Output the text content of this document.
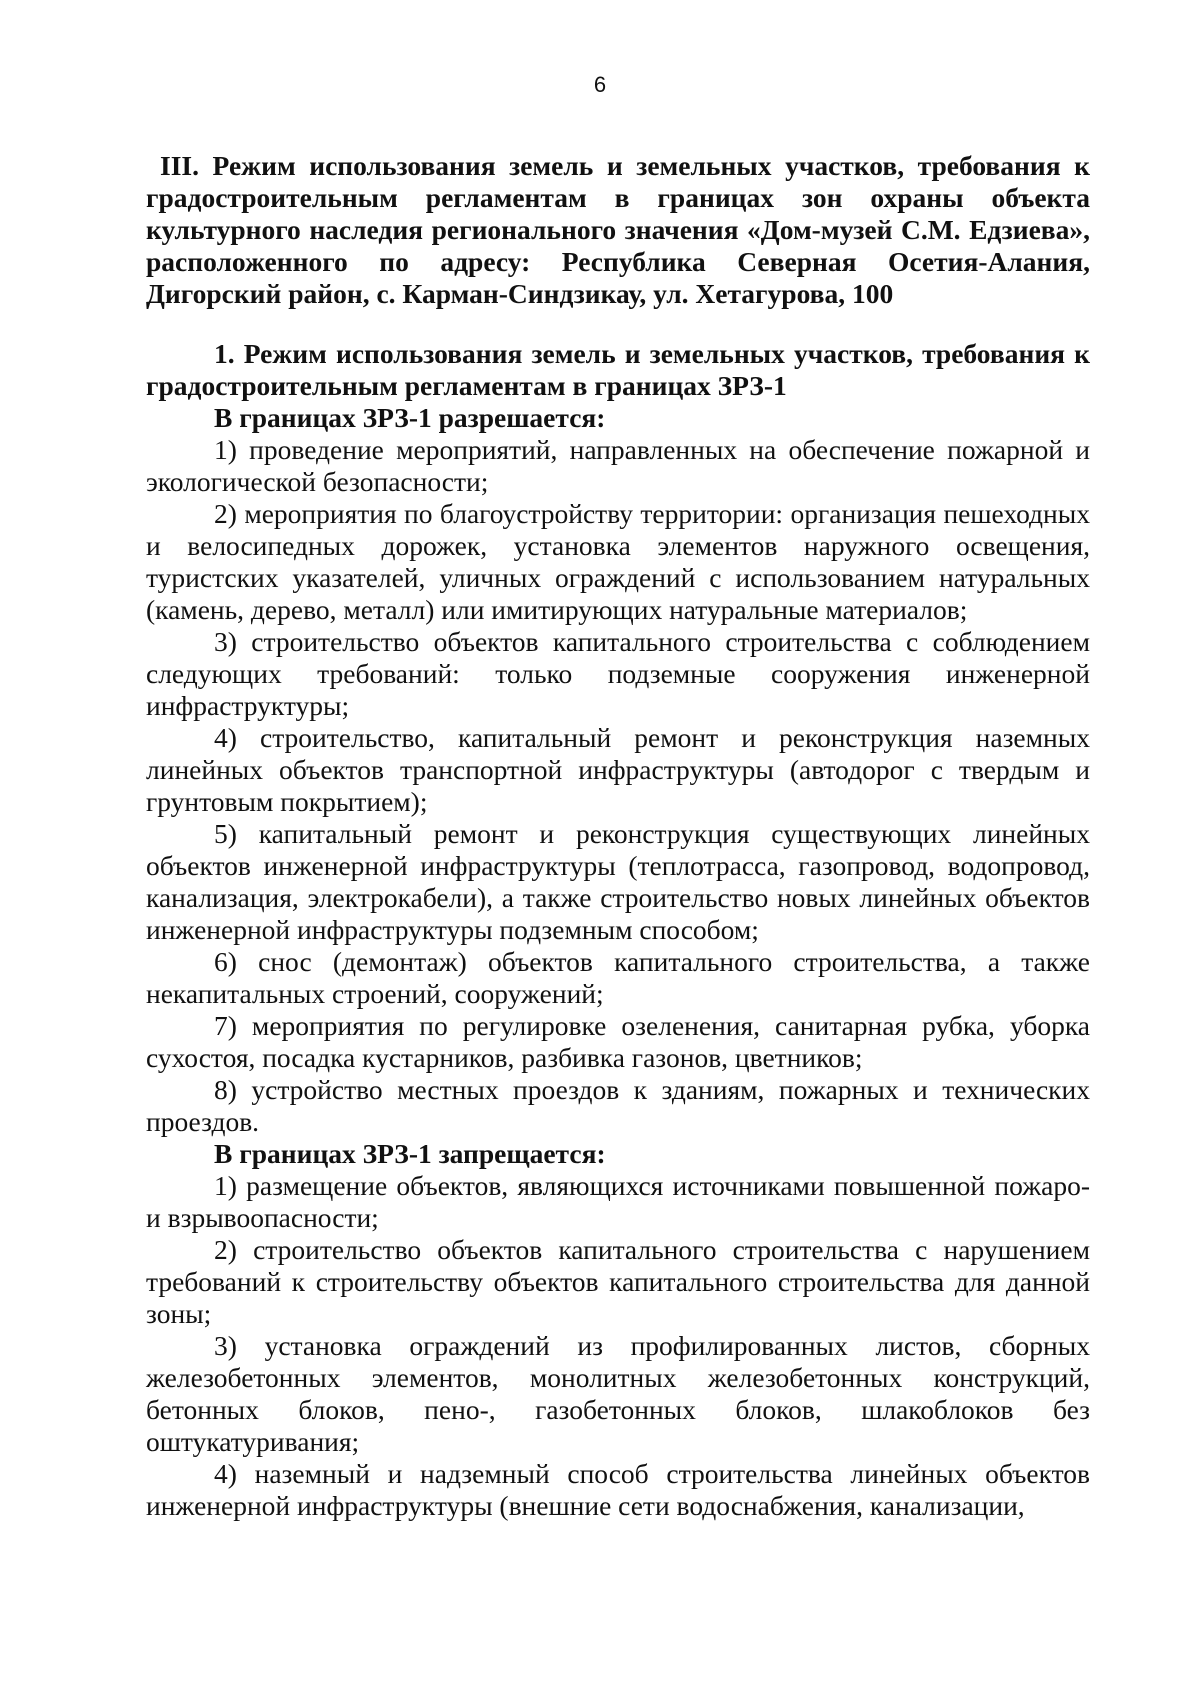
6
III. Режим использования земель и земельных участков, требования к градостроительным регламентам в границах зон охраны объекта культурного наследия регионального значения «Дом-музей С.М. Едзиева», расположенного по адресу: Республика Северная Осетия-Алания, Дигорский район, с. Карман-Синдзикау, ул. Хетагурова, 100
1. Режим использования земель и земельных участков, требования к градостроительным регламентам в границах ЗРЗ-1
В границах ЗРЗ-1 разрешается:
1) проведение мероприятий, направленных на обеспечение пожарной и экологической безопасности;
2) мероприятия по благоустройству территории: организация пешеходных и велосипедных дорожек, установка элементов наружного освещения, туристских указателей, уличных ограждений с использованием натуральных (камень, дерево, металл) или имитирующих натуральные материалов;
3) строительство объектов капитального строительства с соблюдением следующих требований: только подземные сооружения инженерной инфраструктуры;
4) строительство, капитальный ремонт и реконструкция наземных линейных объектов транспортной инфраструктуры (автодорог с твердым и грунтовым покрытием);
5) капитальный ремонт и реконструкция существующих линейных объектов инженерной инфраструктуры (теплотрасса, газопровод, водопровод, канализация, электрокабели), а также строительство новых линейных объектов инженерной инфраструктуры подземным способом;
6) снос (демонтаж) объектов капитального строительства, а также некапитальных строений, сооружений;
7) мероприятия по регулировке озеленения, санитарная рубка, уборка сухостоя, посадка кустарников, разбивка газонов, цветников;
8) устройство местных проездов к зданиям, пожарных и технических проездов.
В границах ЗРЗ-1 запрещается:
1) размещение объектов, являющихся источниками повышенной пожаро- и взрывоопасности;
2) строительство объектов капитального строительства с нарушением требований к строительству объектов капитального строительства для данной зоны;
3) установка ограждений из профилированных листов, сборных железобетонных элементов, монолитных железобетонных конструкций, бетонных блоков, пено-, газобетонных блоков, шлакоблоков без оштукатуривания;
4) наземный и надземный способ строительства линейных объектов инженерной инфраструктуры (внешние сети водоснабжения, канализации,
